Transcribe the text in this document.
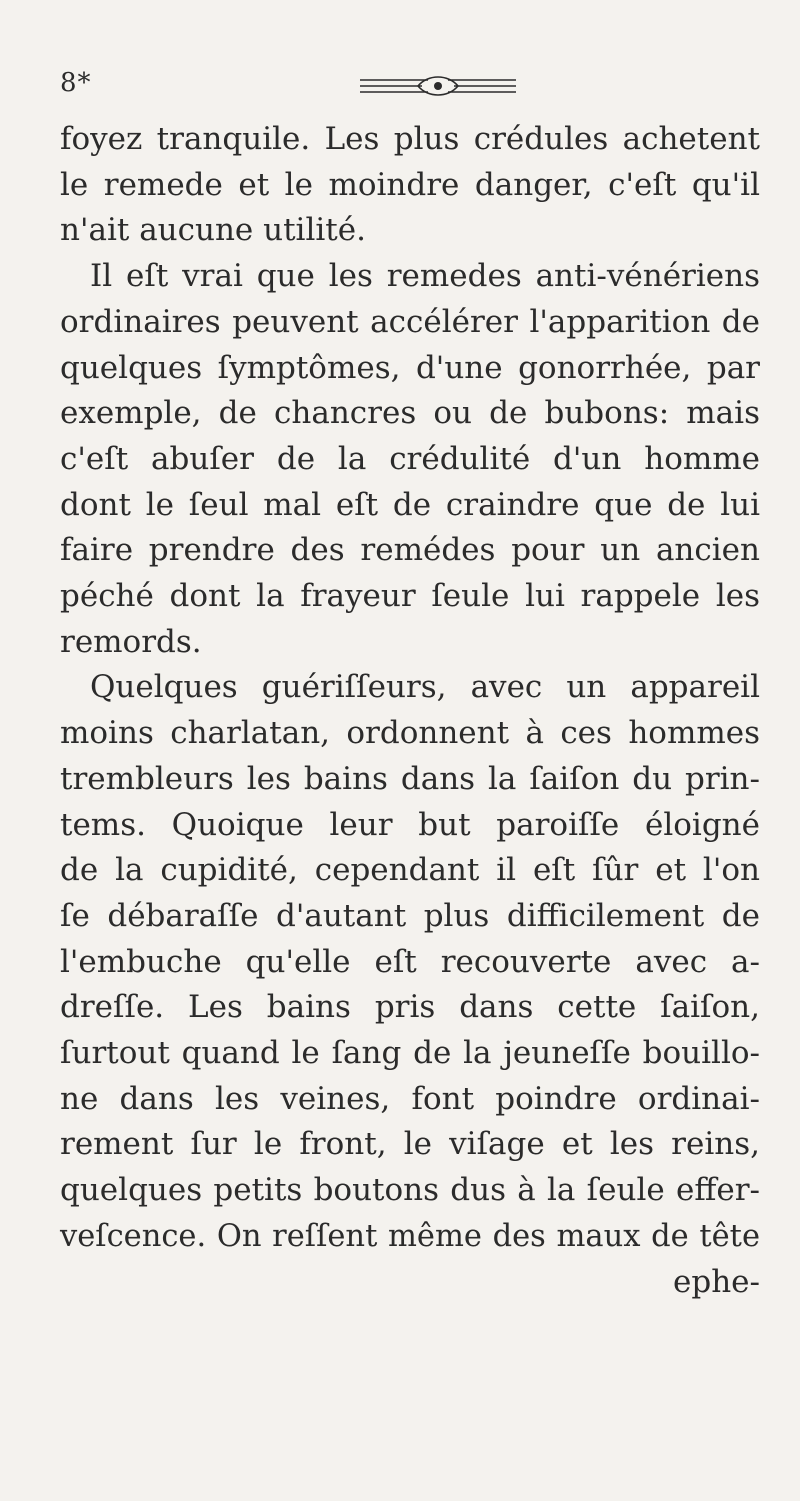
8*
foyez tranquile. Les plus crédules achetent
le remede et le moindre danger, c'eſt qu'il
n'ait aucune utilité.
Il eſt vrai que les remedes anti-vénériens
ordinaires peuvent accélérer l'apparition de
quelques ſymptômes, d'une gonorrhée, par
exemple, de chancres ou de bubons: mais
c'eſt abuſer de la crédulité d'un homme
dont le ſeul mal eſt de craindre que de lui
faire prendre des remédes pour un ancien
péché dont la frayeur ſeule lui rappele les
remords.
Quelques guériſſeurs, avec un appareil
moins charlatan, ordonnent à ces hommes
trembleurs les bains dans la ſaiſon du prin-
tems. Quoique leur but paroiſſe éloigné
de la cupidité, cependant il eſt ſûr et l'on
ſe débaraſſe d'autant plus difficilement de
l'embuche qu'elle eſt recouverte avec a-
dreſſe. Les bains pris dans cette ſaiſon,
ſurtout quand le ſang de la jeuneſſe bouillo-
ne dans les veines, font poindre ordinai-
rement ſur le front, le viſage et les reins,
quelques petits boutons dus à la ſeule effer-
veſcence. On reſſent même des maux de tête
ephe-
